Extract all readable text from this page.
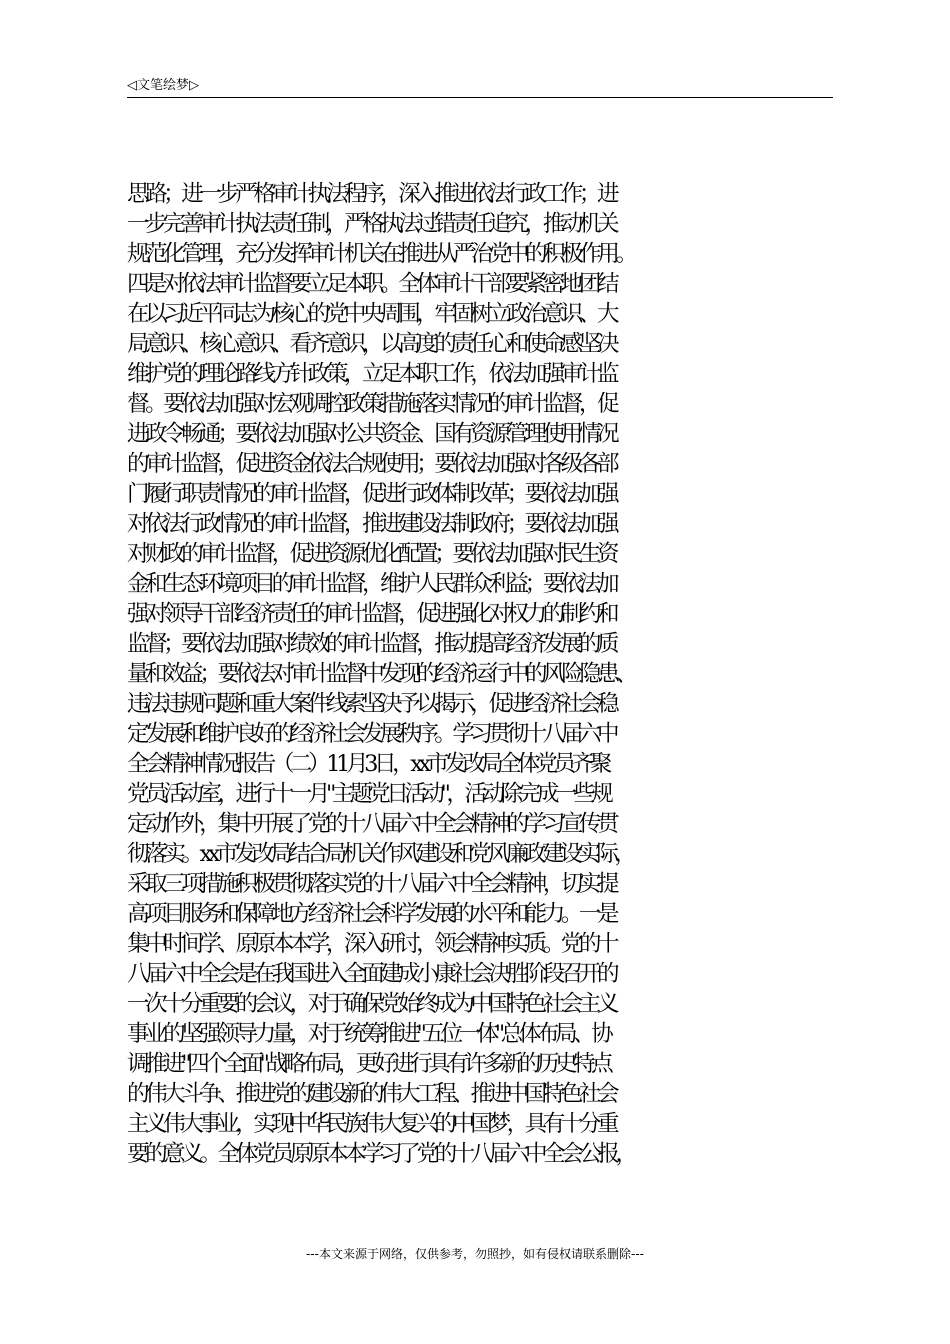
◁文笔绘梦▷
思路；进一步严格审计执法程序，深入推进依法行政工作；进
一步完善审计执法责任制，严格执法过错责任追究，推动机关
规范化管理，充分发挥审计机关在推进从严治党中的积极作用。
四是对依法审计监督要立足本职。全体审计干部要紧密地团结
在以习近平同志为核心的党中央周围，牢固树立政治意识、大
局意识、核心意识、看齐意识，以高度的责任心和使命感坚决
维护党的理论路线方针政策，立足本职工作，依法加强审计监
督。要依法加强对宏观调控政策措施落实情况的审计监督，促
进政令畅通；要依法加强对公共资金、国有资源管理使用情况
的审计监督，促进资金依法合规使用；要依法加强对各级各部
门履行职责情况的审计监督，促进行政体制改革；要依法加强
对依法行政情况的审计监督，推进建设法制政府；要依法加强
对财政的审计监督，促进资源优化配置；要依法加强对民生资
金和生态环境项目的审计监督，维护人民群众利益；要依法加
强对领导干部经济责任的审计监督，促进强化对权力的制约和
监督；要依法加强对绩效的审计监督，推动提高经济发展的质
量和效益；要依法对审计监督中发现的经济运行中的风险隐患、
违法违规问题和重大案件线索坚决予以揭示，促进经济社会稳
定发展和维护良好的经济社会发展秩序。学习贯彻十八届六中
全会精神情况报告（二）11月3日，xx市发改局全体党员齐聚
党员活动室，进行十一月"主题党日活动"，活动除完成一些规
定动作外，集中开展了党的十八届六中全会精神的学习宣传贯
彻落实。xx市发改局结合局机关作风建设和党风廉政建设实际，
采取三项措施积极贯彻落实党的十八届六中全会精神，切实提
高项目服务和保障地方经济社会科学发展的水平和能力。一是
集中时间学、原原本本学，深入研讨，领会精神实质。党的十
八届六中全会是在我国进入全面建成小康社会决胜阶段召开的
一次十分重要的会议，对于确保党始终成为中国特色社会主义
事业的坚强领导力量，对于统筹推进"五位一体"总体布局、协
调推进"四个全面"战略布局，更好进行具有许多新的历史特点
的伟大斗争、推进党的建设新的伟大工程、推进中国特色社会
主义伟大事业，实现中华民族伟大复兴的中国梦，具有十分重
要的意义。全体党员原原本本学习了党的十八届六中全会公报，
---本文来源于网络，仅供参考，勿照抄，如有侵权请联系删除---
